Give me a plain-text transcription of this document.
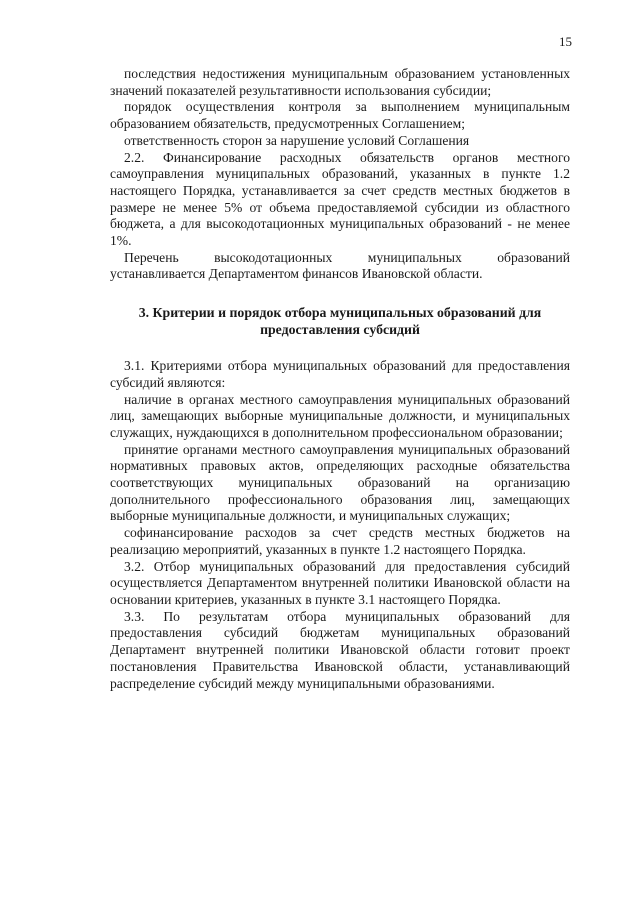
15

последствия недостижения муниципальным образованием установленных значений показателей результативности использования субсидии;

порядок осуществления контроля за выполнением муниципальным образованием обязательств, предусмотренных Соглашением;

ответственность сторон за нарушение условий Соглашения

2.2. Финансирование расходных обязательств органов местного самоуправления муниципальных образований, указанных в пункте 1.2 настоящего Порядка, устанавливается за счет средств местных бюджетов в размере не менее 5% от объема предоставляемой субсидии из областного бюджета, а для высокодотационных муниципальных образований - не менее 1%.

Перечень высокодотационных муниципальных образований устанавливается Департаментом финансов Ивановской области.

3. Критерии и порядок отбора муниципальных образований для предоставления субсидий

3.1. Критериями отбора муниципальных образований для предоставления субсидий являются:

наличие в органах местного самоуправления муниципальных образований лиц, замещающих выборные муниципальные должности, и муниципальных служащих, нуждающихся в дополнительном профессиональном образовании;

принятие органами местного самоуправления муниципальных образований нормативных правовых актов, определяющих расходные обязательства соответствующих муниципальных образований на организацию дополнительного профессионального образования лиц, замещающих выборные муниципальные должности, и муниципальных служащих;

софинансирование расходов за счет средств местных бюджетов на реализацию мероприятий, указанных в пункте 1.2 настоящего Порядка.

3.2. Отбор муниципальных образований для предоставления субсидий осуществляется Департаментом внутренней политики Ивановской области на основании критериев, указанных в пункте 3.1 настоящего Порядка.

3.3. По результатам отбора муниципальных образований для предоставления субсидий бюджетам муниципальных образований Департамент внутренней политики Ивановской области готовит проект постановления Правительства Ивановской области, устанавливающий распределение субсидий между муниципальными образованиями.
